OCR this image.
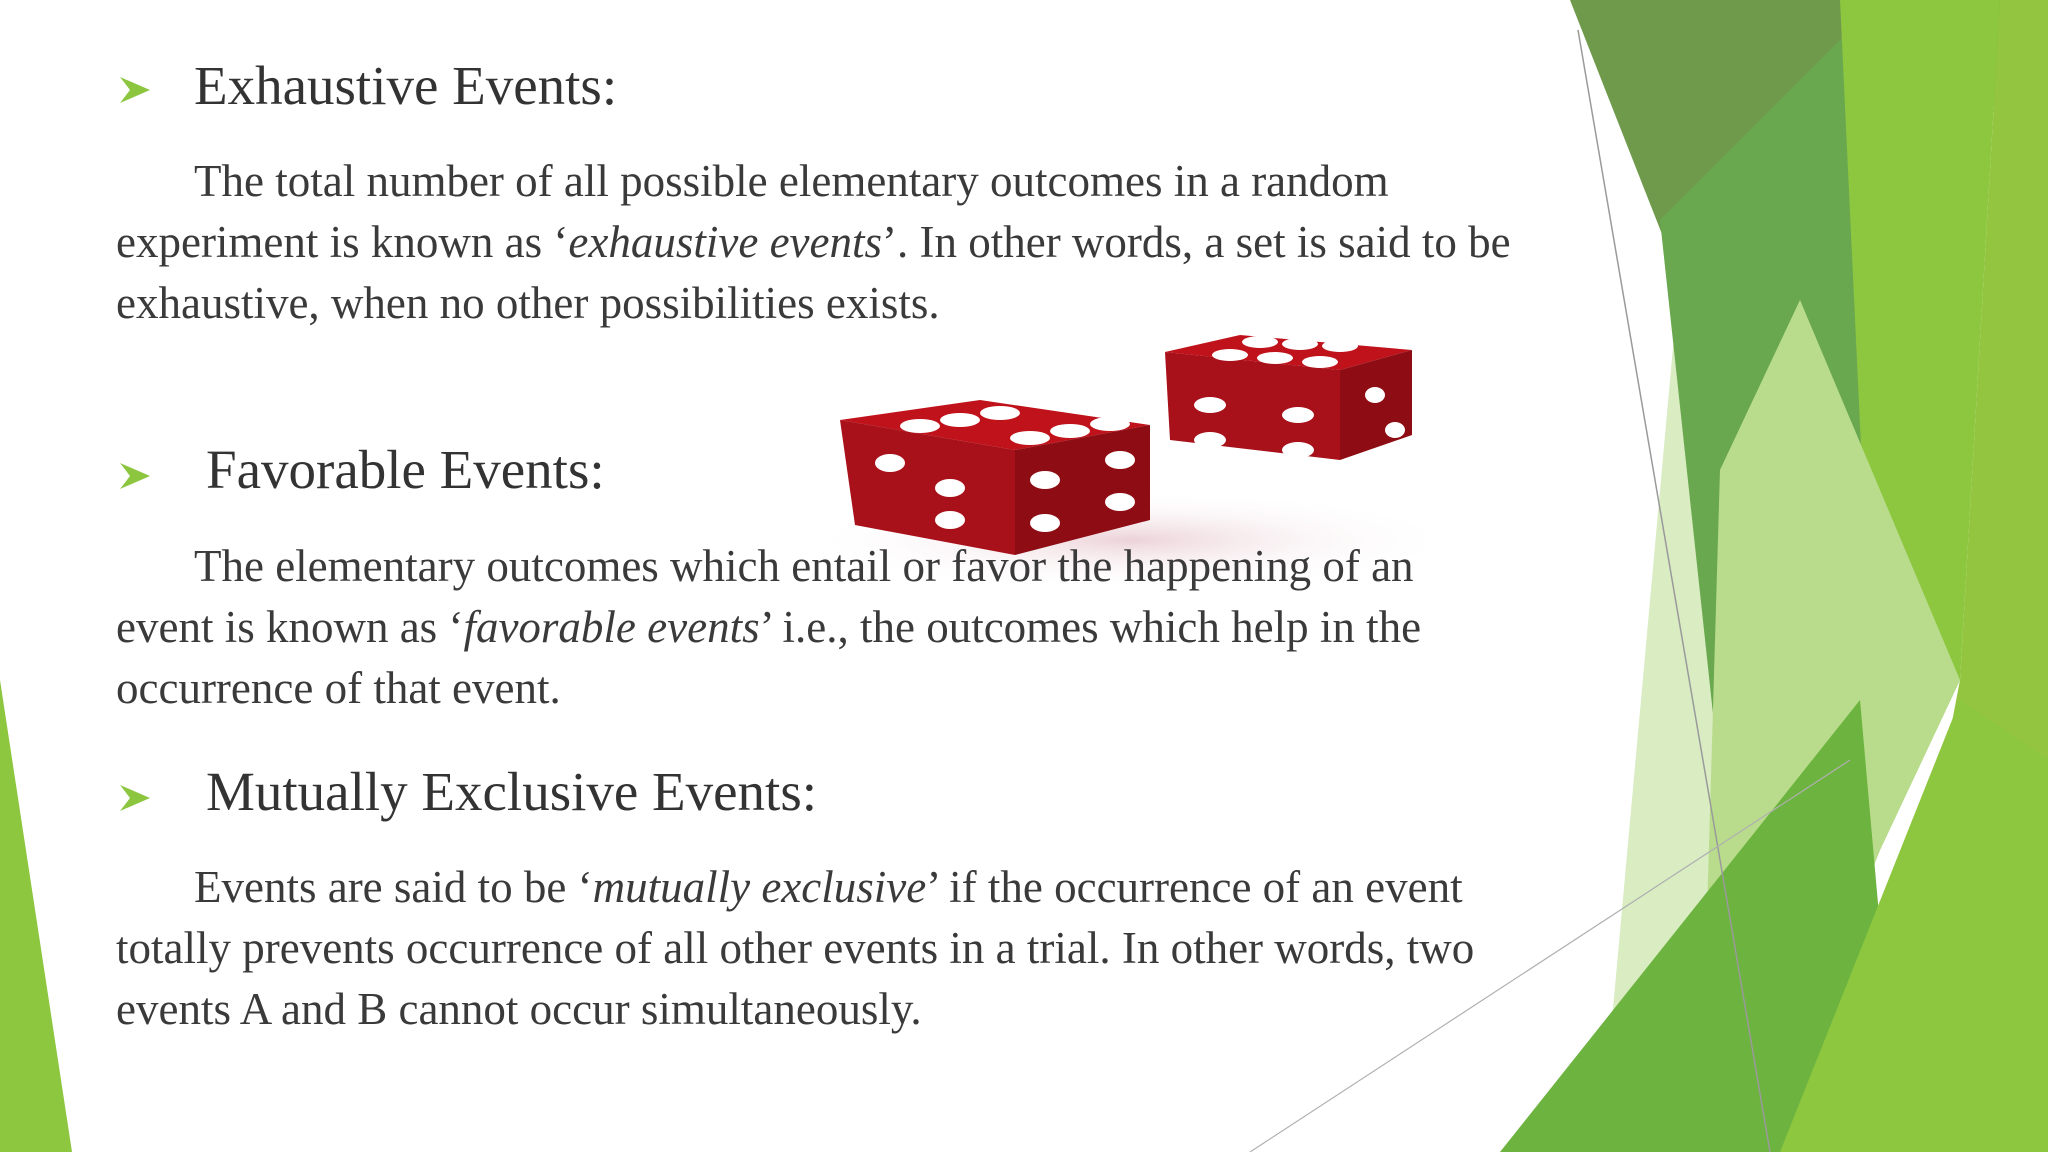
Exhaustive Events:
The total number of all possible elementary outcomes in a random experiment is known as ‘exhaustive events’. In other words, a set is said to be exhaustive, when no other possibilities exists.
Favorable Events:
The elementary outcomes which entail or favor the happening of an event is known as ‘favorable events’ i.e., the outcomes which help in the occurrence of that event.
Mutually Exclusive Events:
Events are said to be ‘mutually exclusive’ if the occurrence of an event totally prevents occurrence of all other events in a trial. In other words, two events A and B cannot occur simultaneously.
